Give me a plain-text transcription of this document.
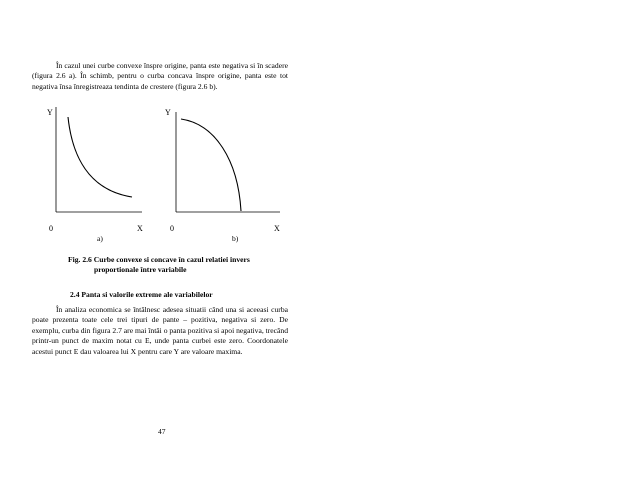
În cazul unei curbe convexe înspre origine, panta este negativa si în scadere (figura 2.6 a). În schimb, pentru o curba concava înspre origine, panta este tot negativa însa înregistreaza tendinta de crestere (figura 2.6 b).

Y	Y
0	X	0	X
a)	b)
Fig. 2.6 Curbe convexe si concave în cazul relatiei invers
proportionale între variabile
2.4 Panta si valorile extreme ale variabilelor

În analiza economica se întâlnesc adesea situatii când una si aceeasi curba poate prezenta toate cele trei tipuri de pante – pozitiva, negativa si zero. De exemplu, curba din figura 2.7 are mai întâi o panta pozitiva si apoi negativa, trecând printr-un punct de maxim notat cu E, unde panta curbei este zero. Coordonatele acestui punct E dau valoarea lui X pentru care Y are valoare maxima.

47
